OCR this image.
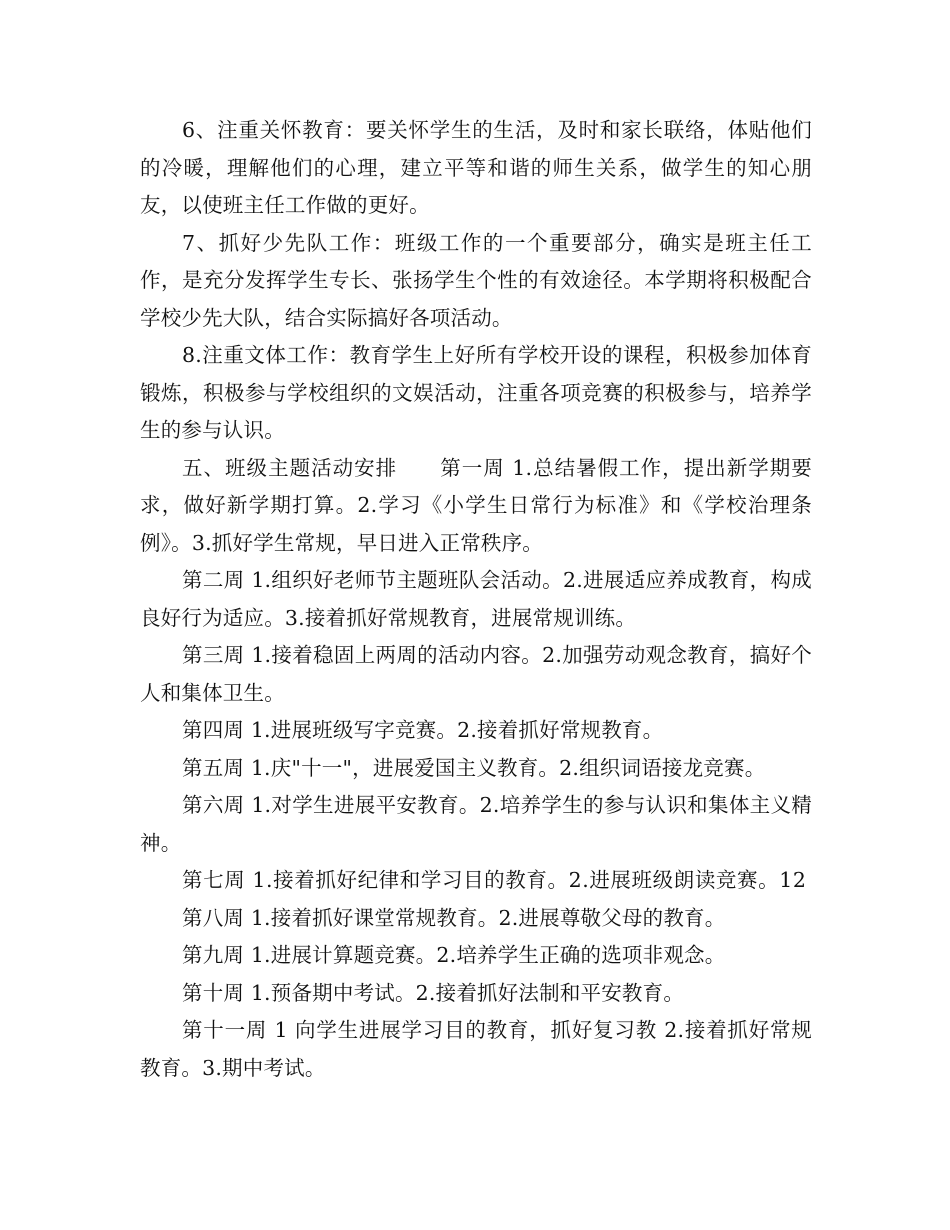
6、注重关怀教育：要关怀学生的生活，及时和家长联络，体贴他们的冷暖，理解他们的心理，建立平等和谐的师生关系，做学生的知心朋友，以使班主任工作做的更好。

7、抓好少先队工作：班级工作的一个重要部分，确实是班主任工作，是充分发挥学生专长、张扬学生个性的有效途径。本学期将积极配合学校少先大队，结合实际搞好各项活动。

8.注重文体工作：教育学生上好所有学校开设的课程，积极参加体育锻炼，积极参与学校组织的文娱活动，注重各项竞赛的积极参与，培养学生的参与认识。

五、班级主题活动安排　　第一周 1.总结暑假工作，提出新学期要求，做好新学期打算。2.学习《小学生日常行为标准》和《学校治理条例》。3.抓好学生常规，早日进入正常秩序。

第二周 1.组织好老师节主题班队会活动。2.进展适应养成教育，构成良好行为适应。3.接着抓好常规教育，进展常规训练。

第三周 1.接着稳固上两周的活动内容。2.加强劳动观念教育，搞好个人和集体卫生。

第四周 1.进展班级写字竞赛。2.接着抓好常规教育。

第五周 1.庆"十一"，进展爱国主义教育。2.组织词语接龙竞赛。

第六周 1.对学生进展平安教育。2.培养学生的参与认识和集体主义精神。

第七周 1.接着抓好纪律和学习目的教育。2.进展班级朗读竞赛。12

第八周 1.接着抓好课堂常规教育。2.进展尊敬父母的教育。

第九周 1.进展计算题竞赛。2.培养学生正确的选项非观念。

第十周 1.预备期中考试。2.接着抓好法制和平安教育。

第十一周 1 向学生进展学习目的教育，抓好复习教 2.接着抓好常规教育。3.期中考试。
